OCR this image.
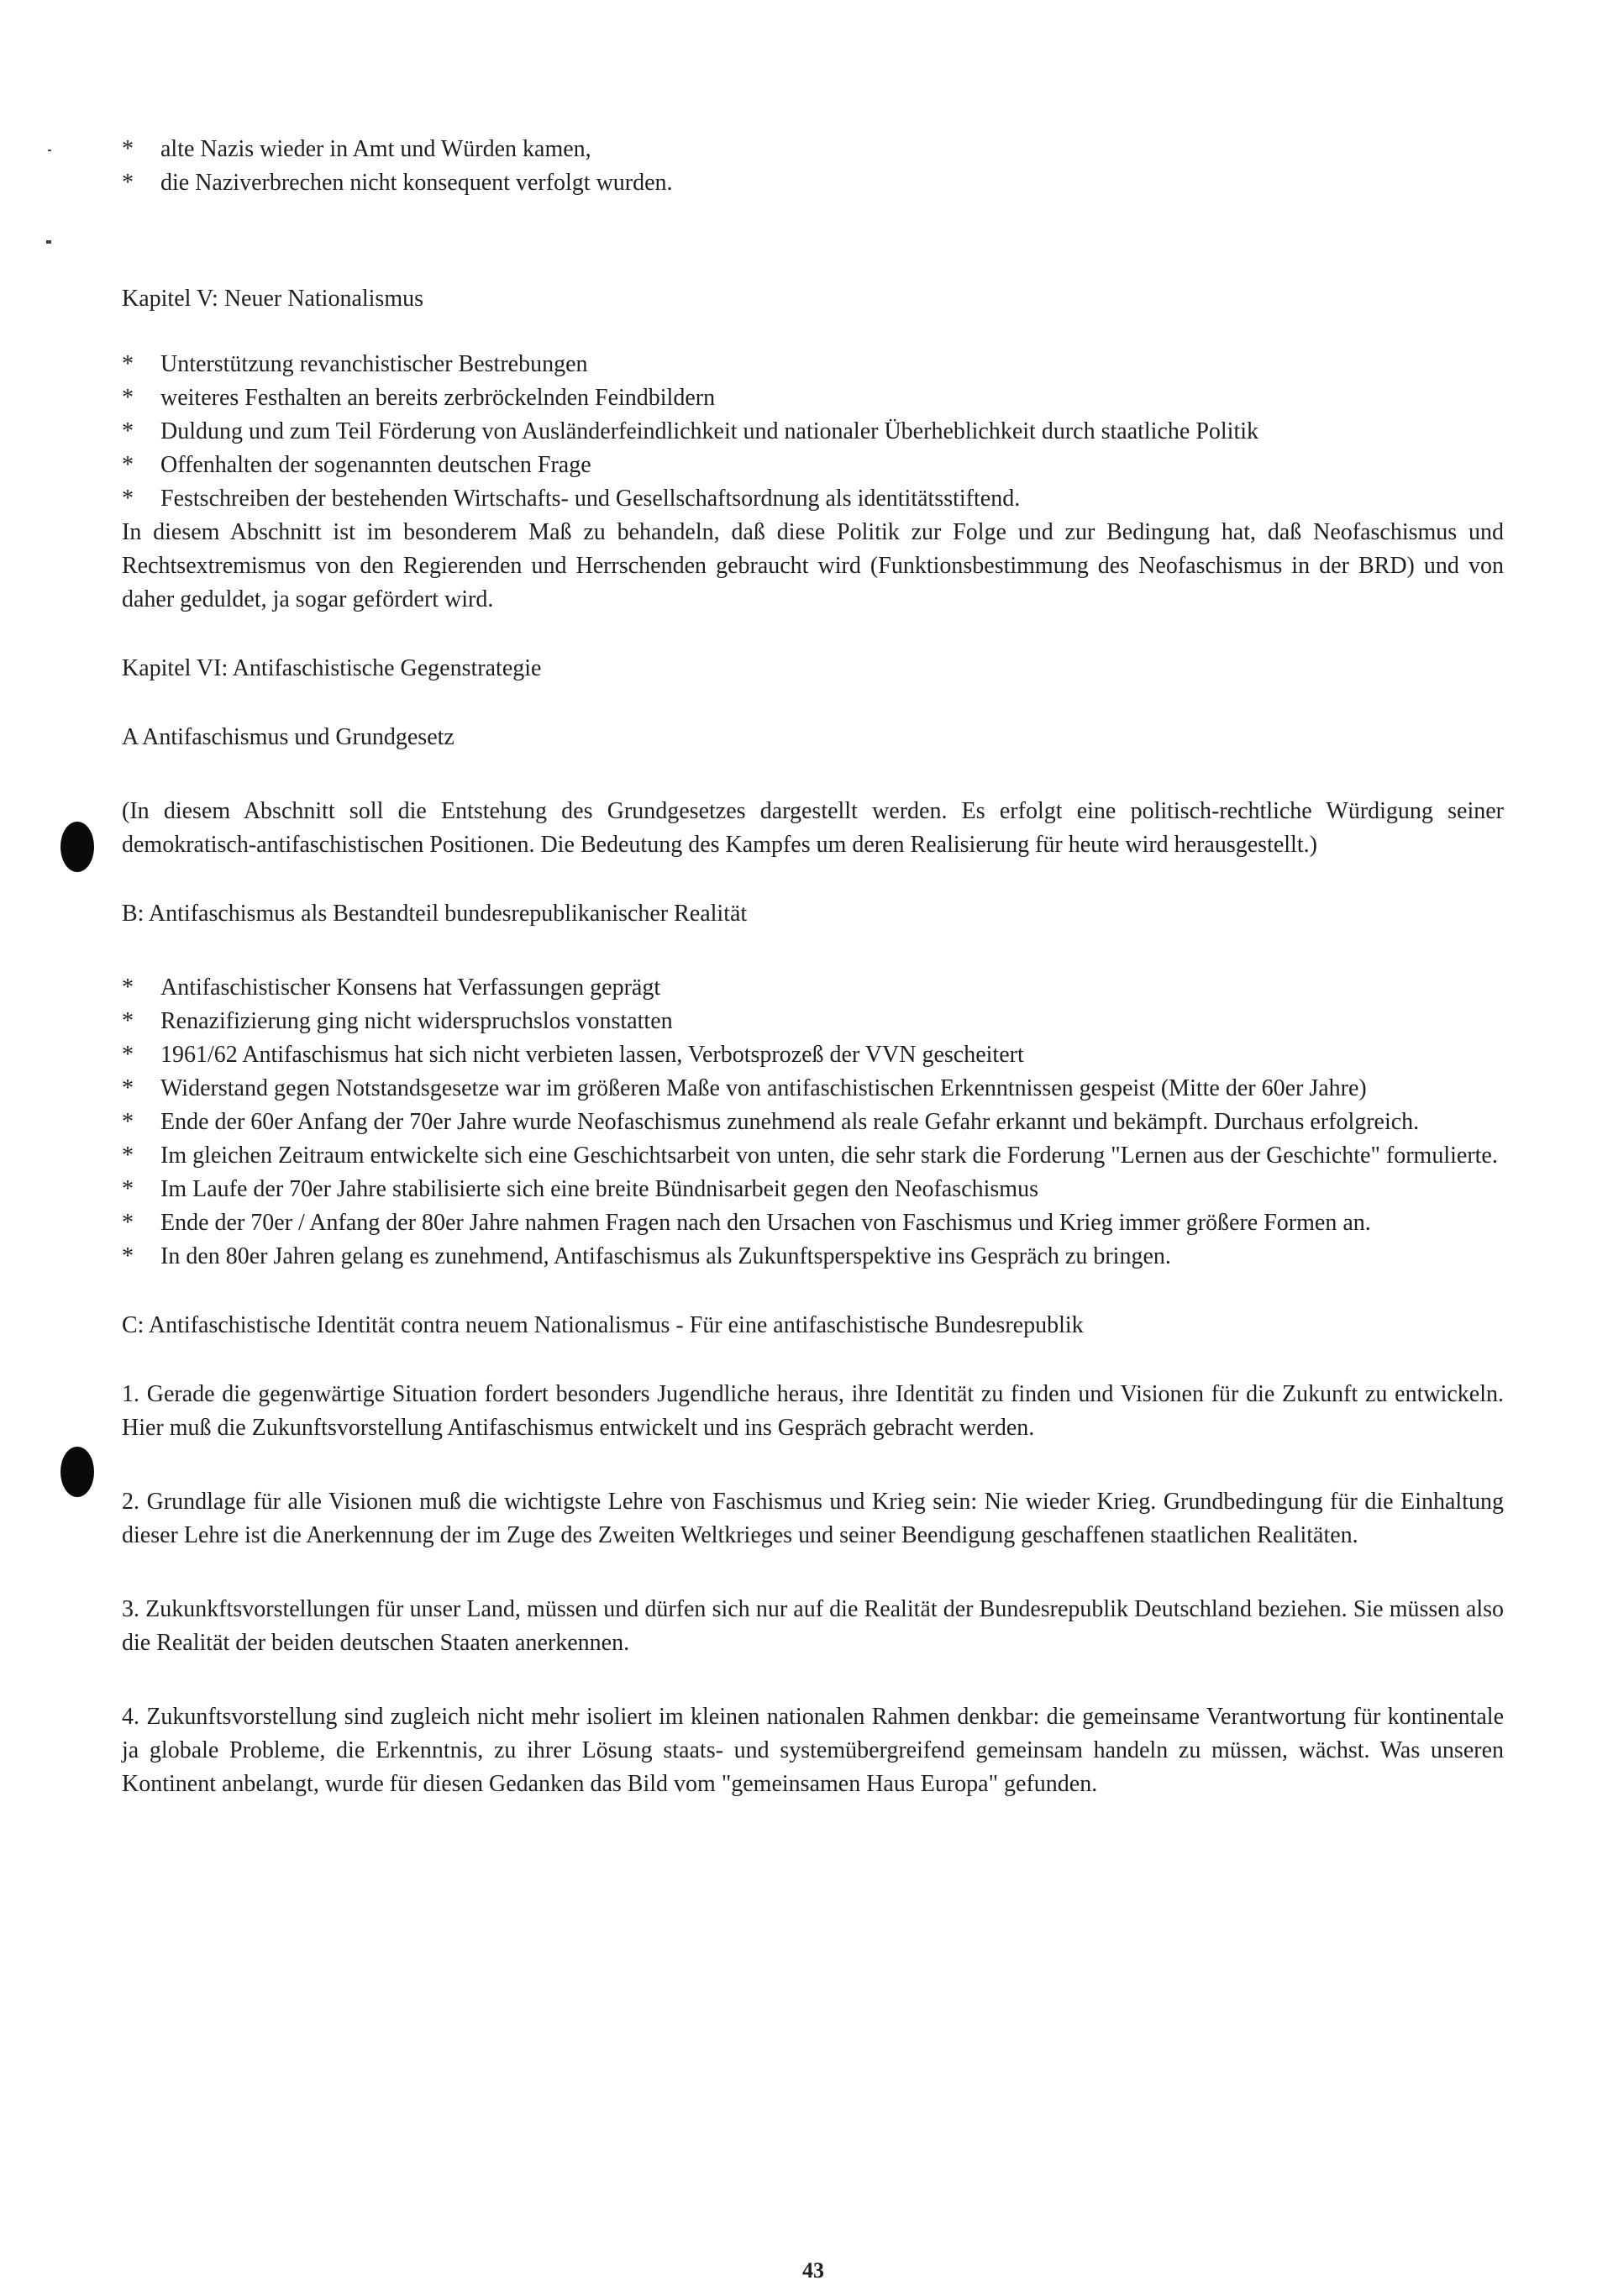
* alte Nazis wieder in Amt und Würden kamen,
* die Naziverbrechen nicht konsequent verfolgt wurden.
Kapitel V: Neuer Nationalismus
* Unterstützung revanchistischer Bestrebungen
* weiteres Festhalten an bereits zerbröckelnden Feindbildern
* Duldung und zum Teil Förderung von Ausländerfeindlichkeit und nationaler Überheblichkeit durch staatliche Politik
* Offenhalten der sogenannten deutschen Frage
* Festschreiben der bestehenden Wirtschafts- und Gesellschaftsordnung als identitätsstiftend.
In diesem Abschnitt ist im besonderem Maß zu behandeln, daß diese Politik zur Folge und zur Bedingung hat, daß Neofaschismus und Rechtsextremismus von den Regierenden und Herrschenden gebraucht wird (Funktionsbestimmung des Neofaschismus in der BRD) und von daher geduldet, ja sogar gefördert wird.
Kapitel VI: Antifaschistische Gegenstrategie
A Antifaschismus und Grundgesetz
(In diesem Abschnitt soll die Entstehung des Grundgesetzes dargestellt werden. Es erfolgt eine politisch-rechtliche Würdigung seiner demokratisch-antifaschistischen Positionen. Die Bedeutung des Kampfes um deren Realisierung für heute wird herausgestellt.)
B: Antifaschismus als Bestandteil bundesrepublikanischer Realität
* Antifaschistischer Konsens hat Verfassungen geprägt
* Renazifizierung ging nicht widerspruchslos vonstatten
* 1961/62 Antifaschismus hat sich nicht verbieten lassen, Verbotsprozeß der VVN gescheitert
* Widerstand gegen Notstandsgesetze war im größeren Maße von antifaschistischen Erkenntnissen gespeist (Mitte der 60er Jahre)
* Ende der 60er Anfang der 70er Jahre wurde Neofaschismus zunehmend als reale Gefahr erkannt und bekämpft. Durchaus erfolgreich.
* Im gleichen Zeitraum entwickelte sich eine Geschichtsarbeit von unten, die sehr stark die Forderung "Lernen aus der Geschichte" formulierte.
* Im Laufe der 70er Jahre stabilisierte sich eine breite Bündnisarbeit gegen den Neofaschismus
* Ende der 70er / Anfang der 80er Jahre nahmen Fragen nach den Ursachen von Faschismus und Krieg immer größere Formen an.
* In den 80er Jahren gelang es zunehmend, Antifaschismus als Zukunftsperspektive ins Gespräch zu bringen.
C: Antifaschistische Identität contra neuem Nationalismus - Für eine antifaschistische Bundesrepublik
1. Gerade die gegenwärtige Situation fordert besonders Jugendliche heraus, ihre Identität zu finden und Visionen für die Zukunft zu entwickeln. Hier muß die Zukunftsvorstellung Antifaschismus entwickelt und ins Gespräch gebracht werden.
2. Grundlage für alle Visionen muß die wichtigste Lehre von Faschismus und Krieg sein: Nie wieder Krieg. Grundbedingung für die Einhaltung dieser Lehre ist die Anerkennung der im Zuge des Zweiten Weltkrieges und seiner Beendigung geschaffenen staatlichen Realitäten.
3. Zukunkftsvorstellungen für unser Land, müssen und dürfen sich nur auf die Realität der Bundesrepublik Deutschland beziehen. Sie müssen also die Realität der beiden deutschen Staaten anerkennen.
4. Zukunftsvorstellung sind zugleich nicht mehr isoliert im kleinen nationalen Rahmen denkbar: die gemeinsame Verantwortung für kontinentale ja globale Probleme, die Erkenntnis, zu ihrer Lösung staats- und systemübergreifend gemeinsam handeln zu müssen, wächst. Was unseren Kontinent anbelangt, wurde für diesen Gedanken das Bild vom "gemeinsamen Haus Europa" gefunden.
43
